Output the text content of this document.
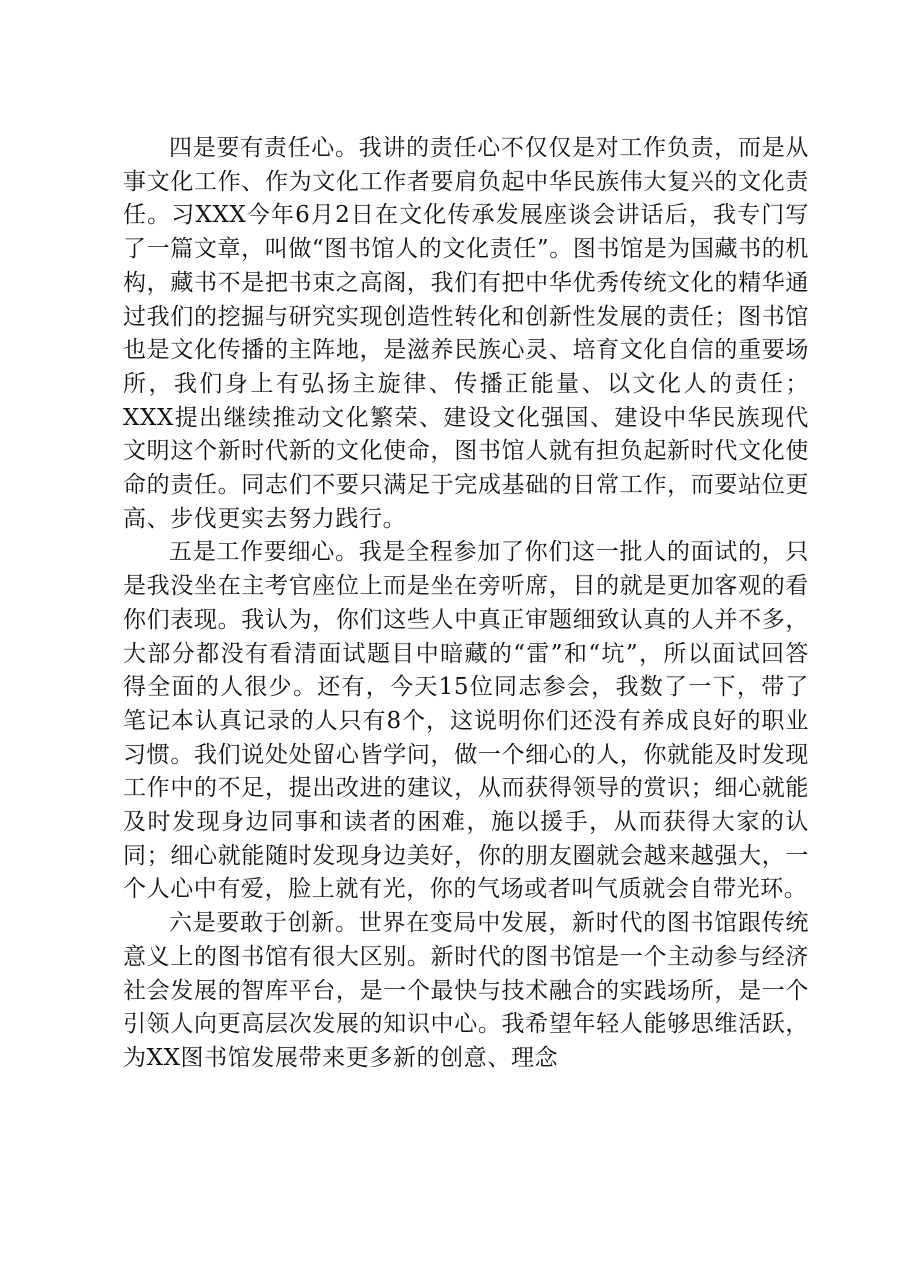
四是要有责任心。我讲的责任心不仅仅是对工作负责，而是从事文化工作、作为文化工作者要肩负起中华民族伟大复兴的文化责任。习XXX今年6月2日在文化传承发展座谈会讲话后，我专门写了一篇文章，叫做“图书馆人的文化责任”。图书馆是为国藏书的机构，藏书不是把书束之高阁，我们有把中华优秀传统文化的精华通过我们的挖掘与研究实现创造性转化和创新性发展的责任；图书馆也是文化传播的主阵地，是滋养民族心灵、培育文化自信的重要场所，我们身上有弘扬主旋律、传播正能量、以文化人的责任；XXX提出继续推动文化繁荣、建设文化强国、建设中华民族现代文明这个新时代新的文化使命，图书馆人就有担负起新时代文化使命的责任。同志们不要只满足于完成基础的日常工作，而要站位更高、步伐更实去努力践行。

五是工作要细心。我是全程参加了你们这一批人的面试的，只是我没坐在主考官座位上而是坐在旁听席，目的就是更加客观的看你们表现。我认为，你们这些人中真正审题细致认真的人并不多，大部分都没有看清面试题目中暗藏的“雷”和“坑”，所以面试回答得全面的人很少。还有，今天15位同志参会，我数了一下，带了笔记本认真记录的人只有8个，这说明你们还没有养成良好的职业习惯。我们说处处留心皆学问，做一个细心的人，你就能及时发现工作中的不足，提出改进的建议，从而获得领导的赏识；细心就能及时发现身边同事和读者的困难，施以援手，从而获得大家的认同；细心就能随时发现身边美好，你的朋友圈就会越来越强大，一个人心中有爱，脸上就有光，你的气场或者叫气质就会自带光环。

六是要敢于创新。世界在变局中发展，新时代的图书馆跟传统意义上的图书馆有很大区别。新时代的图书馆是一个主动参与经济社会发展的智库平台，是一个最快与技术融合的实践场所，是一个引领人向更高层次发展的知识中心。我希望年轻人能够思维活跃，为XX图书馆发展带来更多新的创意、理念
